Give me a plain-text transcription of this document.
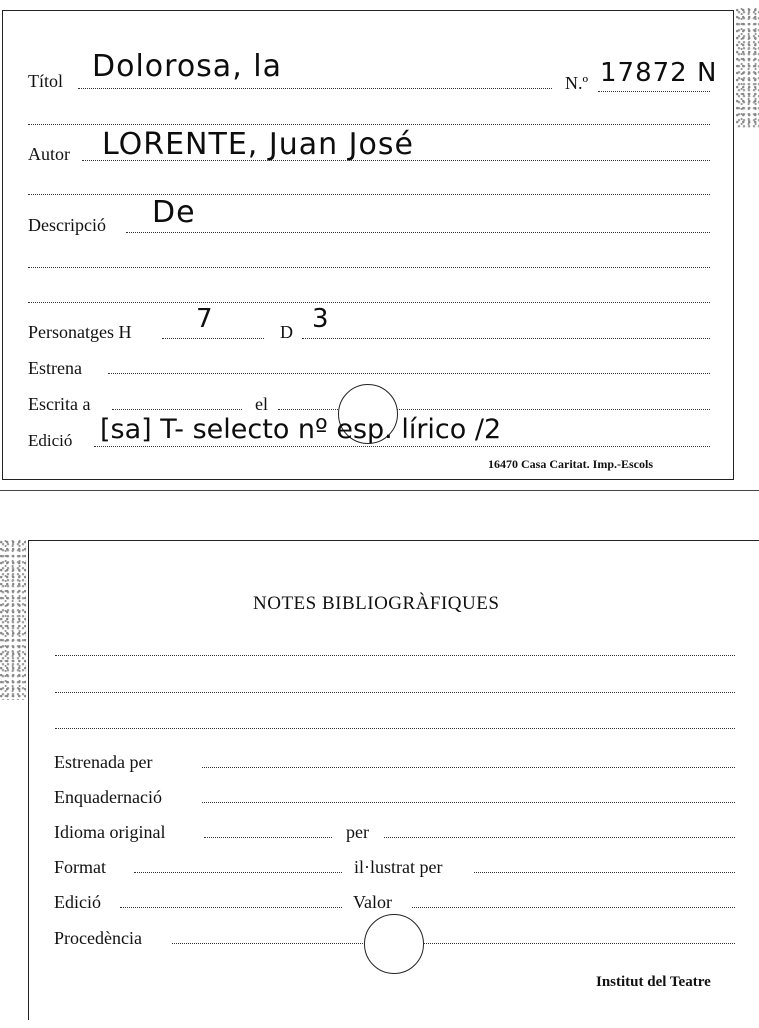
Títol Dolorosa, la	N.º 17872 N
Autor LORENTE, Juan José
Descripció De
Personatges H 7	D 3
Estrena
Escrita a	el
Edició [sa] T- selecto nº esp. lírico /2
16470 Casa Caritat. Imp.-Escols
NOTES BIBLIOGRÀFIQUES
Estrenada per
Enquadernació
Idioma original	per
Format	il·lustrat per
Edició	Valor
Procedència
Institut del Teatre
